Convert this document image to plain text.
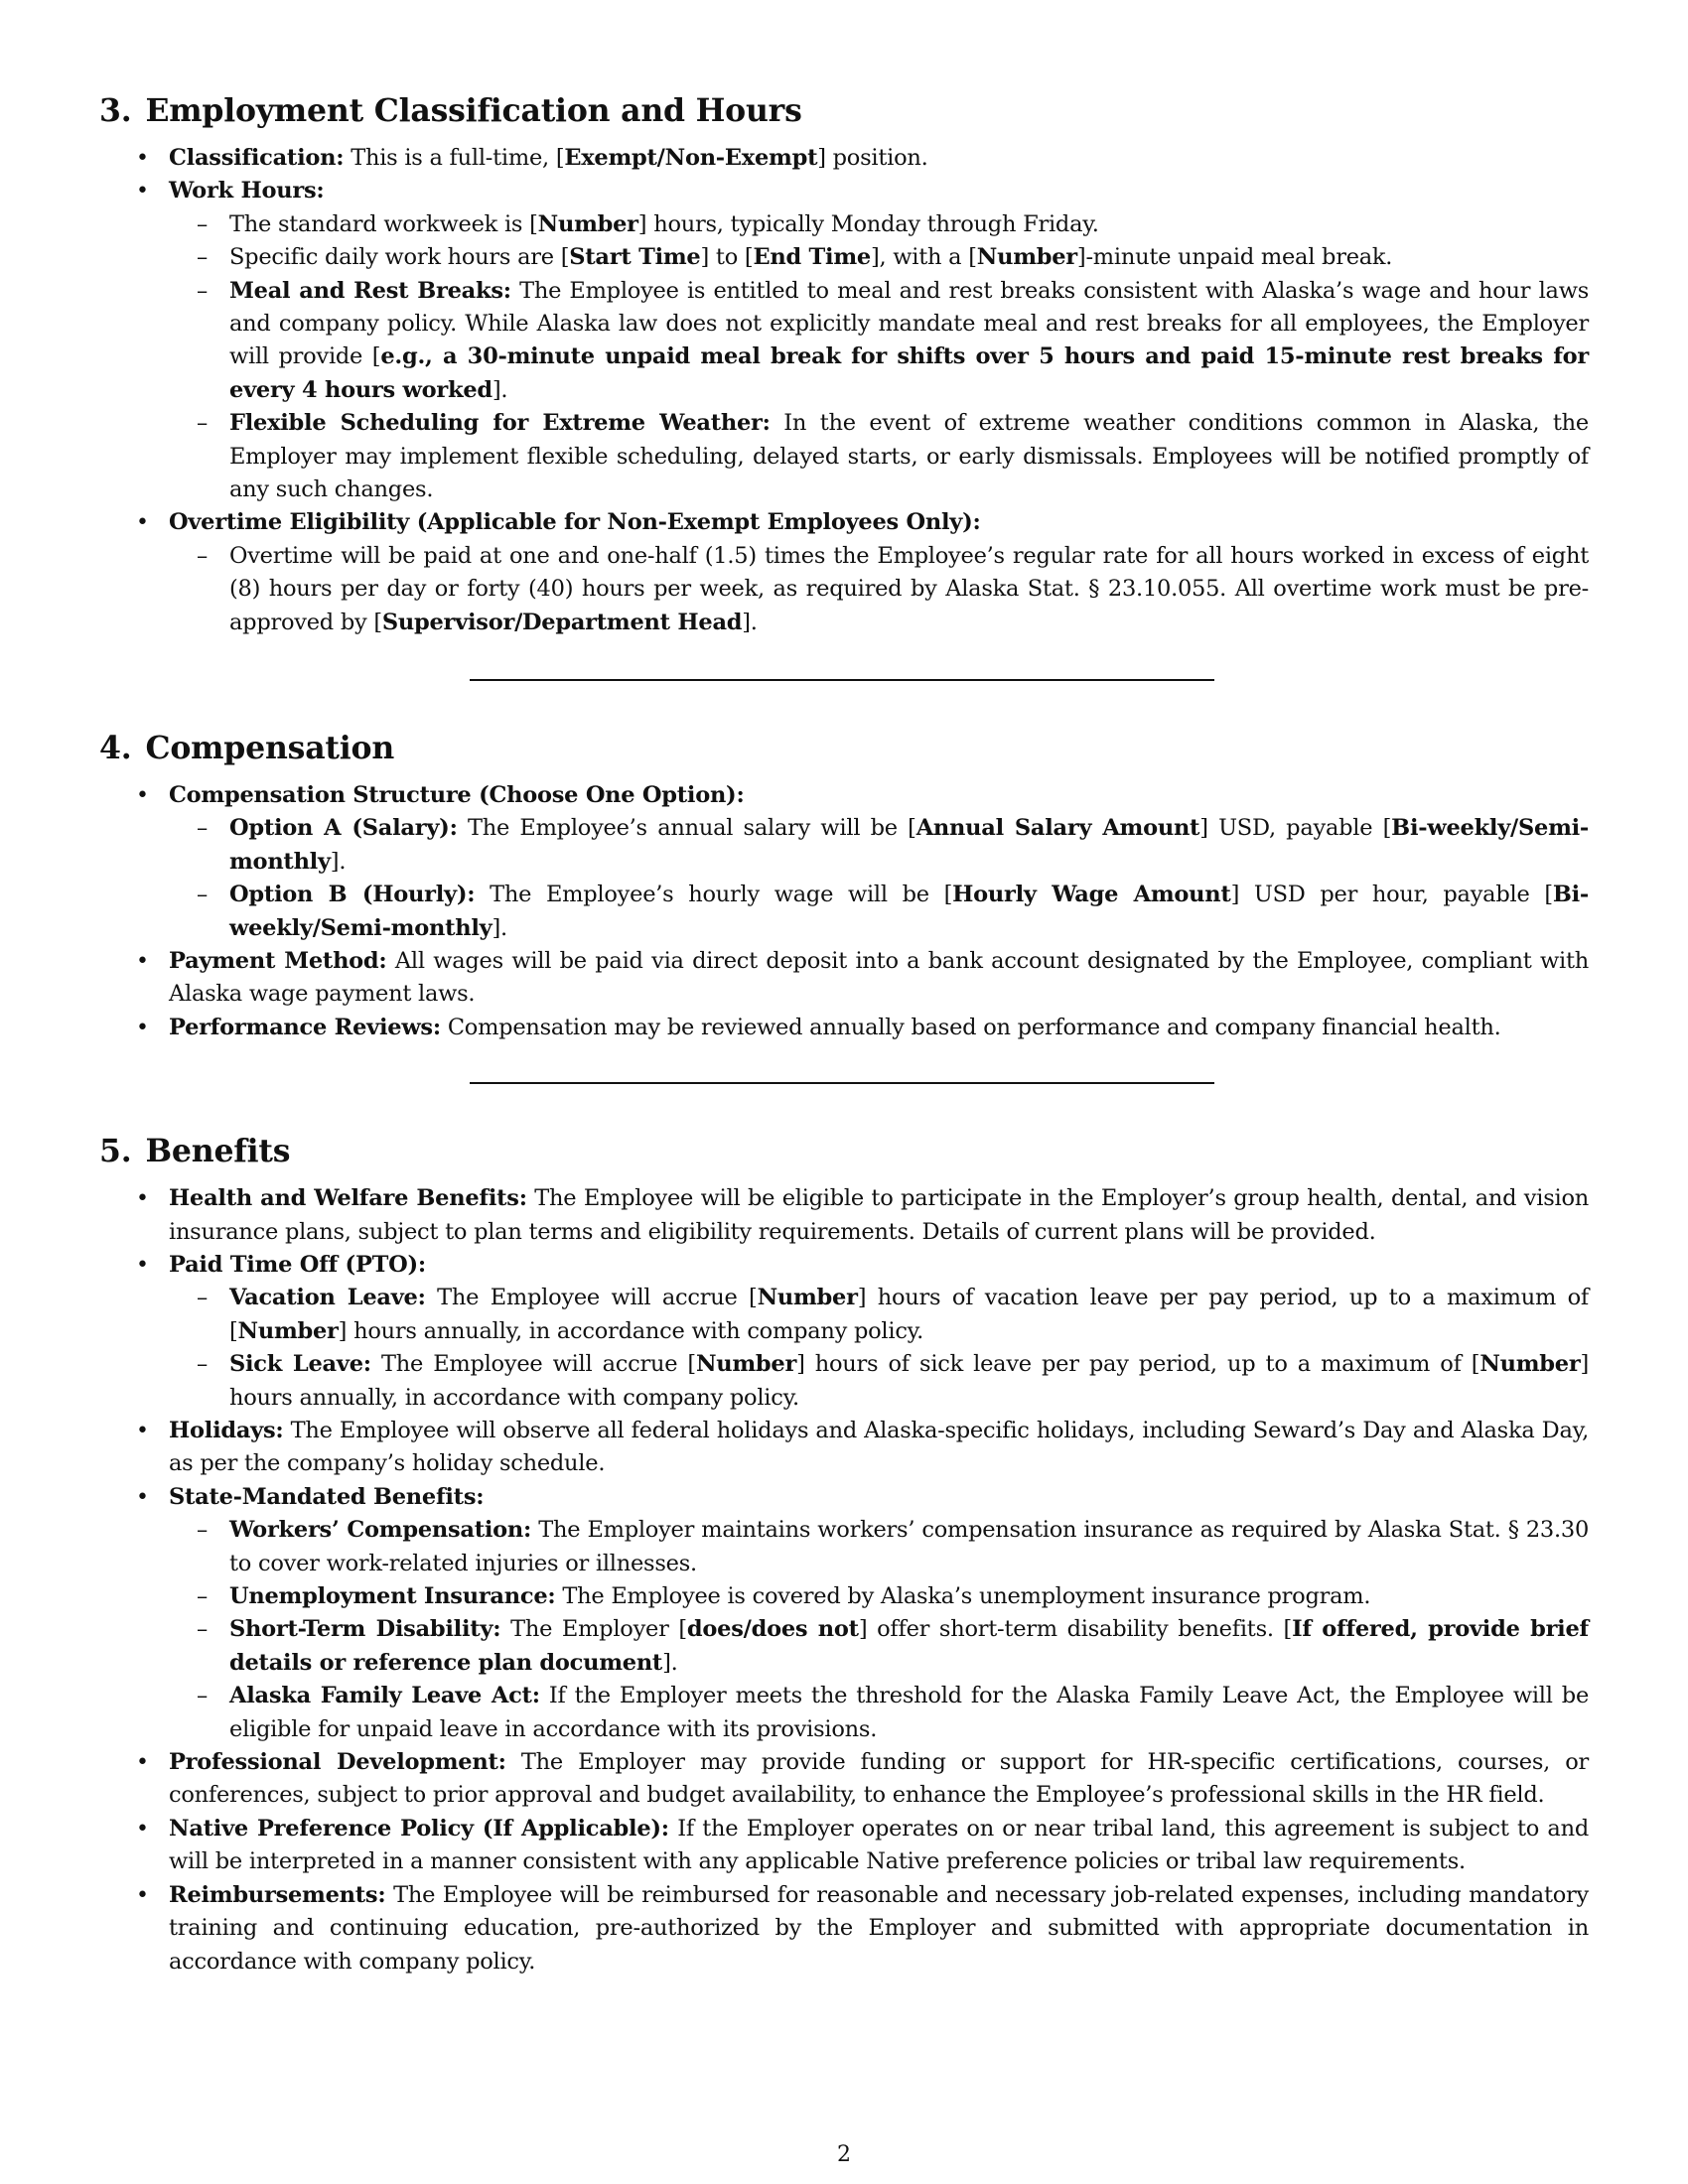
3. Employment Classification and Hours
• Classification: This is a full-time, [Exempt/Non-Exempt] position.
• Work Hours:
– The standard workweek is [Number] hours, typically Monday through Friday.
– Specific daily work hours are [Start Time] to [End Time], with a [Number]-minute unpaid meal break.
– Meal and Rest Breaks: The Employee is entitled to meal and rest breaks consistent with Alaska’s wage and hour laws and company policy. While Alaska law does not explicitly mandate meal and rest breaks for all employees, the Employer will provide [e.g., a 30-minute unpaid meal break for shifts over 5 hours and paid 15-minute rest breaks for every 4 hours worked].
– Flexible Scheduling for Extreme Weather: In the event of extreme weather conditions common in Alaska, the Employer may implement flexible scheduling, delayed starts, or early dismissals. Employees will be notified promptly of any such changes.
• Overtime Eligibility (Applicable for Non-Exempt Employees Only):
– Overtime will be paid at one and one-half (1.5) times the Employee’s regular rate for all hours worked in excess of eight (8) hours per day or forty (40) hours per week, as required by Alaska Stat. § 23.10.055. All overtime work must be pre-approved by [Supervisor/Department Head].
4. Compensation
• Compensation Structure (Choose One Option):
– Option A (Salary): The Employee’s annual salary will be [Annual Salary Amount] USD, payable [Bi-weekly/Semi-monthly].
– Option B (Hourly): The Employee’s hourly wage will be [Hourly Wage Amount] USD per hour, payable [Bi-weekly/Semi-monthly].
• Payment Method: All wages will be paid via direct deposit into a bank account designated by the Employee, compliant with Alaska wage payment laws.
• Performance Reviews: Compensation may be reviewed annually based on performance and company financial health.
5. Benefits
• Health and Welfare Benefits: The Employee will be eligible to participate in the Employer’s group health, dental, and vision insurance plans, subject to plan terms and eligibility requirements. Details of current plans will be provided.
• Paid Time Off (PTO):
– Vacation Leave: The Employee will accrue [Number] hours of vacation leave per pay period, up to a maximum of [Number] hours annually, in accordance with company policy.
– Sick Leave: The Employee will accrue [Number] hours of sick leave per pay period, up to a maximum of [Number] hours annually, in accordance with company policy.
• Holidays: The Employee will observe all federal holidays and Alaska-specific holidays, including Seward’s Day and Alaska Day, as per the company’s holiday schedule.
• State-Mandated Benefits:
– Workers’ Compensation: The Employer maintains workers’ compensation insurance as required by Alaska Stat. § 23.30 to cover work-related injuries or illnesses.
– Unemployment Insurance: The Employee is covered by Alaska’s unemployment insurance program.
– Short-Term Disability: The Employer [does/does not] offer short-term disability benefits. [If offered, provide brief details or reference plan document].
– Alaska Family Leave Act: If the Employer meets the threshold for the Alaska Family Leave Act, the Employee will be eligible for unpaid leave in accordance with its provisions.
• Professional Development: The Employer may provide funding or support for HR-specific certifications, courses, or conferences, subject to prior approval and budget availability, to enhance the Employee’s professional skills in the HR field.
• Native Preference Policy (If Applicable): If the Employer operates on or near tribal land, this agreement is subject to and will be interpreted in a manner consistent with any applicable Native preference policies or tribal law requirements.
• Reimbursements: The Employee will be reimbursed for reasonable and necessary job-related expenses, including mandatory training and continuing education, pre-authorized by the Employer and submitted with appropriate documentation in accordance with company policy.
2
